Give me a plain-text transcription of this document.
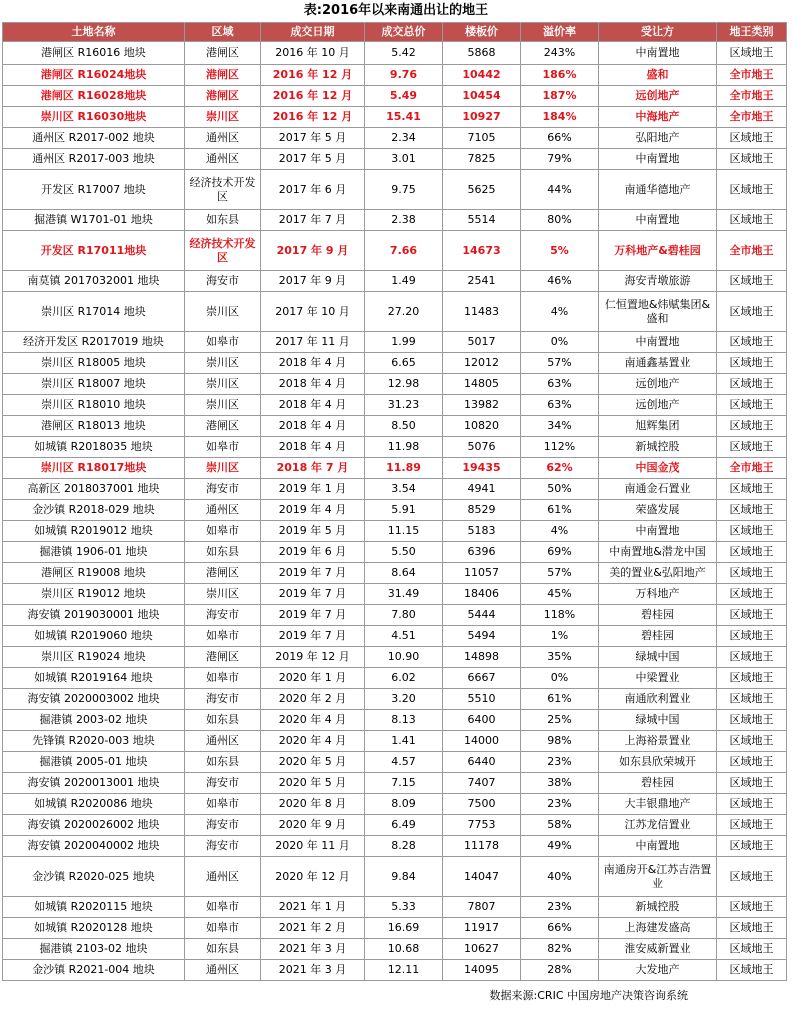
表:2016年以来南通出让的地王
土地名称	区域	成交日期	成交总价	楼板价	溢价率	受让方	地王类别
港闸区 R16016 地块	港闸区	2016 年 10 月	5.42	5868	243%	中南置地	区域地王
港闸区 R16024地块	港闸区	2016 年 12 月	9.76	10442	186%	盛和	全市地王
港闸区 R16028地块	港闸区	2016 年 12 月	5.49	10454	187%	远创地产	全市地王
崇川区 R16030地块	崇川区	2016 年 12 月	15.41	10927	184%	中海地产	全市地王
通州区 R2017-002 地块	通州区	2017 年 5 月	2.34	7105	66%	弘阳地产	区域地王
通州区 R2017-003 地块	通州区	2017 年 5 月	3.01	7825	79%	中南置地	区域地王
开发区 R17007 地块	经济技术开发区	2017 年 6 月	9.75	5625	44%	南通华德地产	区域地王
掘港镇 W1701-01 地块	如东县	2017 年 7 月	2.38	5514	80%	中南置地	区域地王
开发区 R17011地块	经济技术开发区	2017 年 9 月	7.66	14673	5%	万科地产&碧桂园	全市地王
南莫镇 2017032001 地块	海安市	2017 年 9 月	1.49	2541	46%	海安青墩旅游	区域地王
崇川区 R17014 地块	崇川区	2017 年 10 月	27.20	11483	4%	仁恒置地&炜赋集团&盛和	区域地王
经济开发区 R2017019 地块	如皋市	2017 年 11 月	1.99	5017	0%	中南置地	区域地王
崇川区 R18005 地块	崇川区	2018 年 4 月	6.65	12012	57%	南通鑫基置业	区域地王
崇川区 R18007 地块	崇川区	2018 年 4 月	12.98	14805	63%	远创地产	区域地王
崇川区 R18010 地块	崇川区	2018 年 4 月	31.23	13982	63%	远创地产	区域地王
港闸区 R18013 地块	港闸区	2018 年 4 月	8.50	10820	34%	旭辉集团	区域地王
如城镇 R2018035 地块	如皋市	2018 年 4 月	11.98	5076	112%	新城控股	区域地王
崇川区 R18017地块	崇川区	2018 年 7 月	11.89	19435	62%	中国金茂	全市地王
高新区 2018037001 地块	海安市	2019 年 1 月	3.54	4941	50%	南通金石置业	区域地王
金沙镇 R2018-029 地块	通州区	2019 年 4 月	5.91	8529	61%	荣盛发展	区域地王
如城镇 R2019012 地块	如皋市	2019 年 5 月	11.15	5183	4%	中南置地	区域地王
掘港镇 1906-01 地块	如东县	2019 年 6 月	5.50	6396	69%	中南置地&潜龙中国	区域地王
港闸区 R19008 地块	港闸区	2019 年 7 月	8.64	11057	57%	美的置业&弘阳地产	区域地王
崇川区 R19012 地块	崇川区	2019 年 7 月	31.49	18406	45%	万科地产	区域地王
海安镇 2019030001 地块	海安市	2019 年 7 月	7.80	5444	118%	碧桂园	区域地王
如城镇 R2019060 地块	如皋市	2019 年 7 月	4.51	5494	1%	碧桂园	区域地王
崇川区 R19024 地块	港闸区	2019 年 12 月	10.90	14898	35%	绿城中国	区域地王
如城镇 R2019164 地块	如皋市	2020 年 1 月	6.02	6667	0%	中梁置业	区域地王
海安镇 2020003002 地块	海安市	2020 年 2 月	3.20	5510	61%	南通欣利置业	区域地王
掘港镇 2003-02 地块	如东县	2020 年 4 月	8.13	6400	25%	绿城中国	区域地王
先锋镇 R2020-003 地块	通州区	2020 年 4 月	1.41	14000	98%	上海裕景置业	区域地王
掘港镇 2005-01 地块	如东县	2020 年 5 月	4.57	6440	23%	如东县欣荣城开	区域地王
海安镇 2020013001 地块	海安市	2020 年 5 月	7.15	7407	38%	碧桂园	区域地王
如城镇 R2020086 地块	如皋市	2020 年 8 月	8.09	7500	23%	大丰银鼎地产	区域地王
海安镇 2020026002 地块	海安市	2020 年 9 月	6.49	7753	58%	江苏龙信置业	区域地王
海安镇 2020040002 地块	海安市	2020 年 11 月	8.28	11178	49%	中南置地	区域地王
金沙镇 R2020-025 地块	通州区	2020 年 12 月	9.84	14047	40%	南通房开&江苏吉浩置业	区域地王
如城镇 R2020115 地块	如皋市	2021 年 1 月	5.33	7807	23%	新城控股	区域地王
如城镇 R2020128 地块	如皋市	2021 年 2 月	16.69	11917	66%	上海建发盛高	区域地王
掘港镇 2103-02 地块	如东县	2021 年 3 月	10.68	10627	82%	淮安威新置业	区域地王
金沙镇 R2021-004 地块	通州区	2021 年 3 月	12.11	14095	28%	大发地产	区域地王
数据来源:CRIC 中国房地产决策咨询系统
